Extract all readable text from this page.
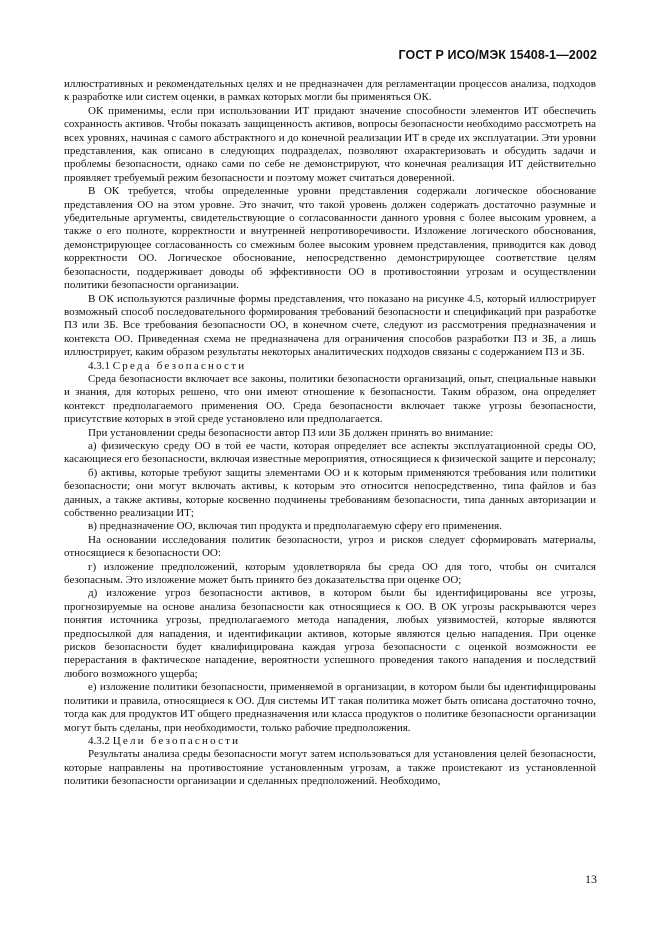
ГОСТ Р ИСО/МЭК 15408-1—2002

иллюстративных и рекомендательных целях и не предназначен для регламентации процессов анализа, подходов к разработке или систем оценки, в рамках которых могли бы применяться ОК.

ОК применимы, если при использовании ИТ придают значение способности элементов ИТ обеспечить сохранность активов. Чтобы показать защищенность активов, вопросы безопасности необходимо рассмотреть на всех уровнях, начиная с самого абстрактного и до конечной реализации ИТ в среде их эксплуатации. Эти уровни представления, как описано в следующих подразделах, позволяют охарактеризовать и обсудить задачи и проблемы безопасности, однако сами по себе не демонстрируют, что конечная реализация ИТ действительно проявляет требуемый режим безопасности и поэтому может считаться доверенной.

В ОК требуется, чтобы определенные уровни представления содержали логическое обоснование представления ОО на этом уровне. Это значит, что такой уровень должен содержать достаточно разумные и убедительные аргументы, свидетельствующие о согласованности данного уровня с более высоким уровнем, а также о его полноте, корректности и внутренней непротиворечивости. Изложение логического обоснования, демонстрирующее согласованность со смежным более высоким уровнем представления, приводится как довод корректности ОО. Логическое обоснование, непосредственно демонстрирующее соответствие целям безопасности, поддерживает доводы об эффективности ОО в противостоянии угрозам и осуществлении политики безопасности организации.

В ОК используются различные формы представления, что показано на рисунке 4.5, который иллюстрирует возможный способ последовательного формирования требований безопасности и спецификаций при разработке ПЗ или ЗБ. Все требования безопасности ОО, в конечном счете, следуют из рассмотрения предназначения и контекста ОО. Приведенная схема не предназначена для ограничения способов разработки ПЗ и ЗБ, а лишь иллюстрирует, каким образом результаты некоторых аналитических подходов связаны с содержанием ПЗ и ЗБ.

4.3.1 Среда безопасности

Среда безопасности включает все законы, политики безопасности организаций, опыт, специальные навыки и знания, для которых решено, что они имеют отношение к безопасности. Таким образом, она определяет контекст предполагаемого применения ОО. Среда безопасности включает также угрозы безопасности, присутствие которых в этой среде установлено или предполагается.

При установлении среды безопасности автор ПЗ или ЗБ должен принять во внимание:

а) физическую среду ОО в той ее части, которая определяет все аспекты эксплуатационной среды ОО, касающиеся его безопасности, включая известные мероприятия, относящиеся к физической защите и персоналу;

б) активы, которые требуют защиты элементами ОО и к которым применяются требования или политики безопасности; они могут включать активы, к которым это относится непосредственно, типа файлов и баз данных, а также активы, которые косвенно подчинены требованиям безопасности, типа данных авторизации и собственно реализации ИТ;

в) предназначение ОО, включая тип продукта и предполагаемую сферу его применения.

На основании исследования политик безопасности, угроз и рисков следует сформировать материалы, относящиеся к безопасности ОО:

г) изложение предположений, которым удовлетворяла бы среда ОО для того, чтобы он считался безопасным. Это изложение может быть принято без доказательства при оценке ОО;

д) изложение угроз безопасности активов, в котором были бы идентифицированы все угрозы, прогнозируемые на основе анализа безопасности как относящиеся к ОО. В ОК угрозы раскрываются через понятия источника угрозы, предполагаемого метода нападения, любых уязвимостей, которые являются предпосылкой для нападения, и идентификации активов, которые являются целью нападения. При оценке рисков безопасности будет квалифицирована каждая угроза безопасности с оценкой возможности ее перерастания в фактическое нападение, вероятности успешного проведения такого нападения и последствий любого возможного ущерба;

е) изложение политики безопасности, применяемой в организации, в котором были бы идентифицированы политики и правила, относящиеся к ОО. Для системы ИТ такая политика может быть описана достаточно точно, тогда как для продуктов ИТ общего предназначения или класса продуктов о политике безопасности организации могут быть сделаны, при необходимости, только рабочие предположения.

4.3.2 Цели безопасности

Результаты анализа среды безопасности могут затем использоваться для установления целей безопасности, которые направлены на противостояние установленным угрозам, а также проистекают из установленной политики безопасности организации и сделанных предположений. Необходимо,

13
